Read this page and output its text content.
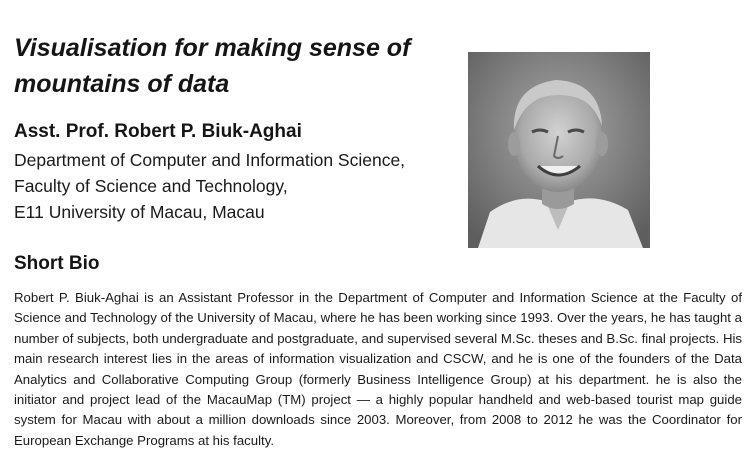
Visualisation for making sense of mountains of data
Asst. Prof. Robert P. Biuk-Aghai
Department of Computer and Information Science,
Faculty of Science and Technology,
E11 University of Macau, Macau
Short Bio

Robert P. Biuk-Aghai is an Assistant Professor in the Department of Computer and Information Science at the Faculty of Science and Technology of the University of Macau, where he has been working since 1993. Over the years, he has taught a number of subjects, both undergraduate and postgraduate, and supervised several M.Sc. theses and B.Sc. final projects. His main research interest lies in the areas of information visualization and CSCW, and he is one of the founders of the Data Analytics and Collaborative Computing Group (formerly Business Intelligence Group) at his department. he is also the initiator and project lead of the MacauMap (TM) project — a highly popular handheld and web-based tourist map guide system for Macau with about a million downloads since 2003. Moreover, from 2008 to 2012 he was the Coordinator for European Exchange Programs at his faculty.
